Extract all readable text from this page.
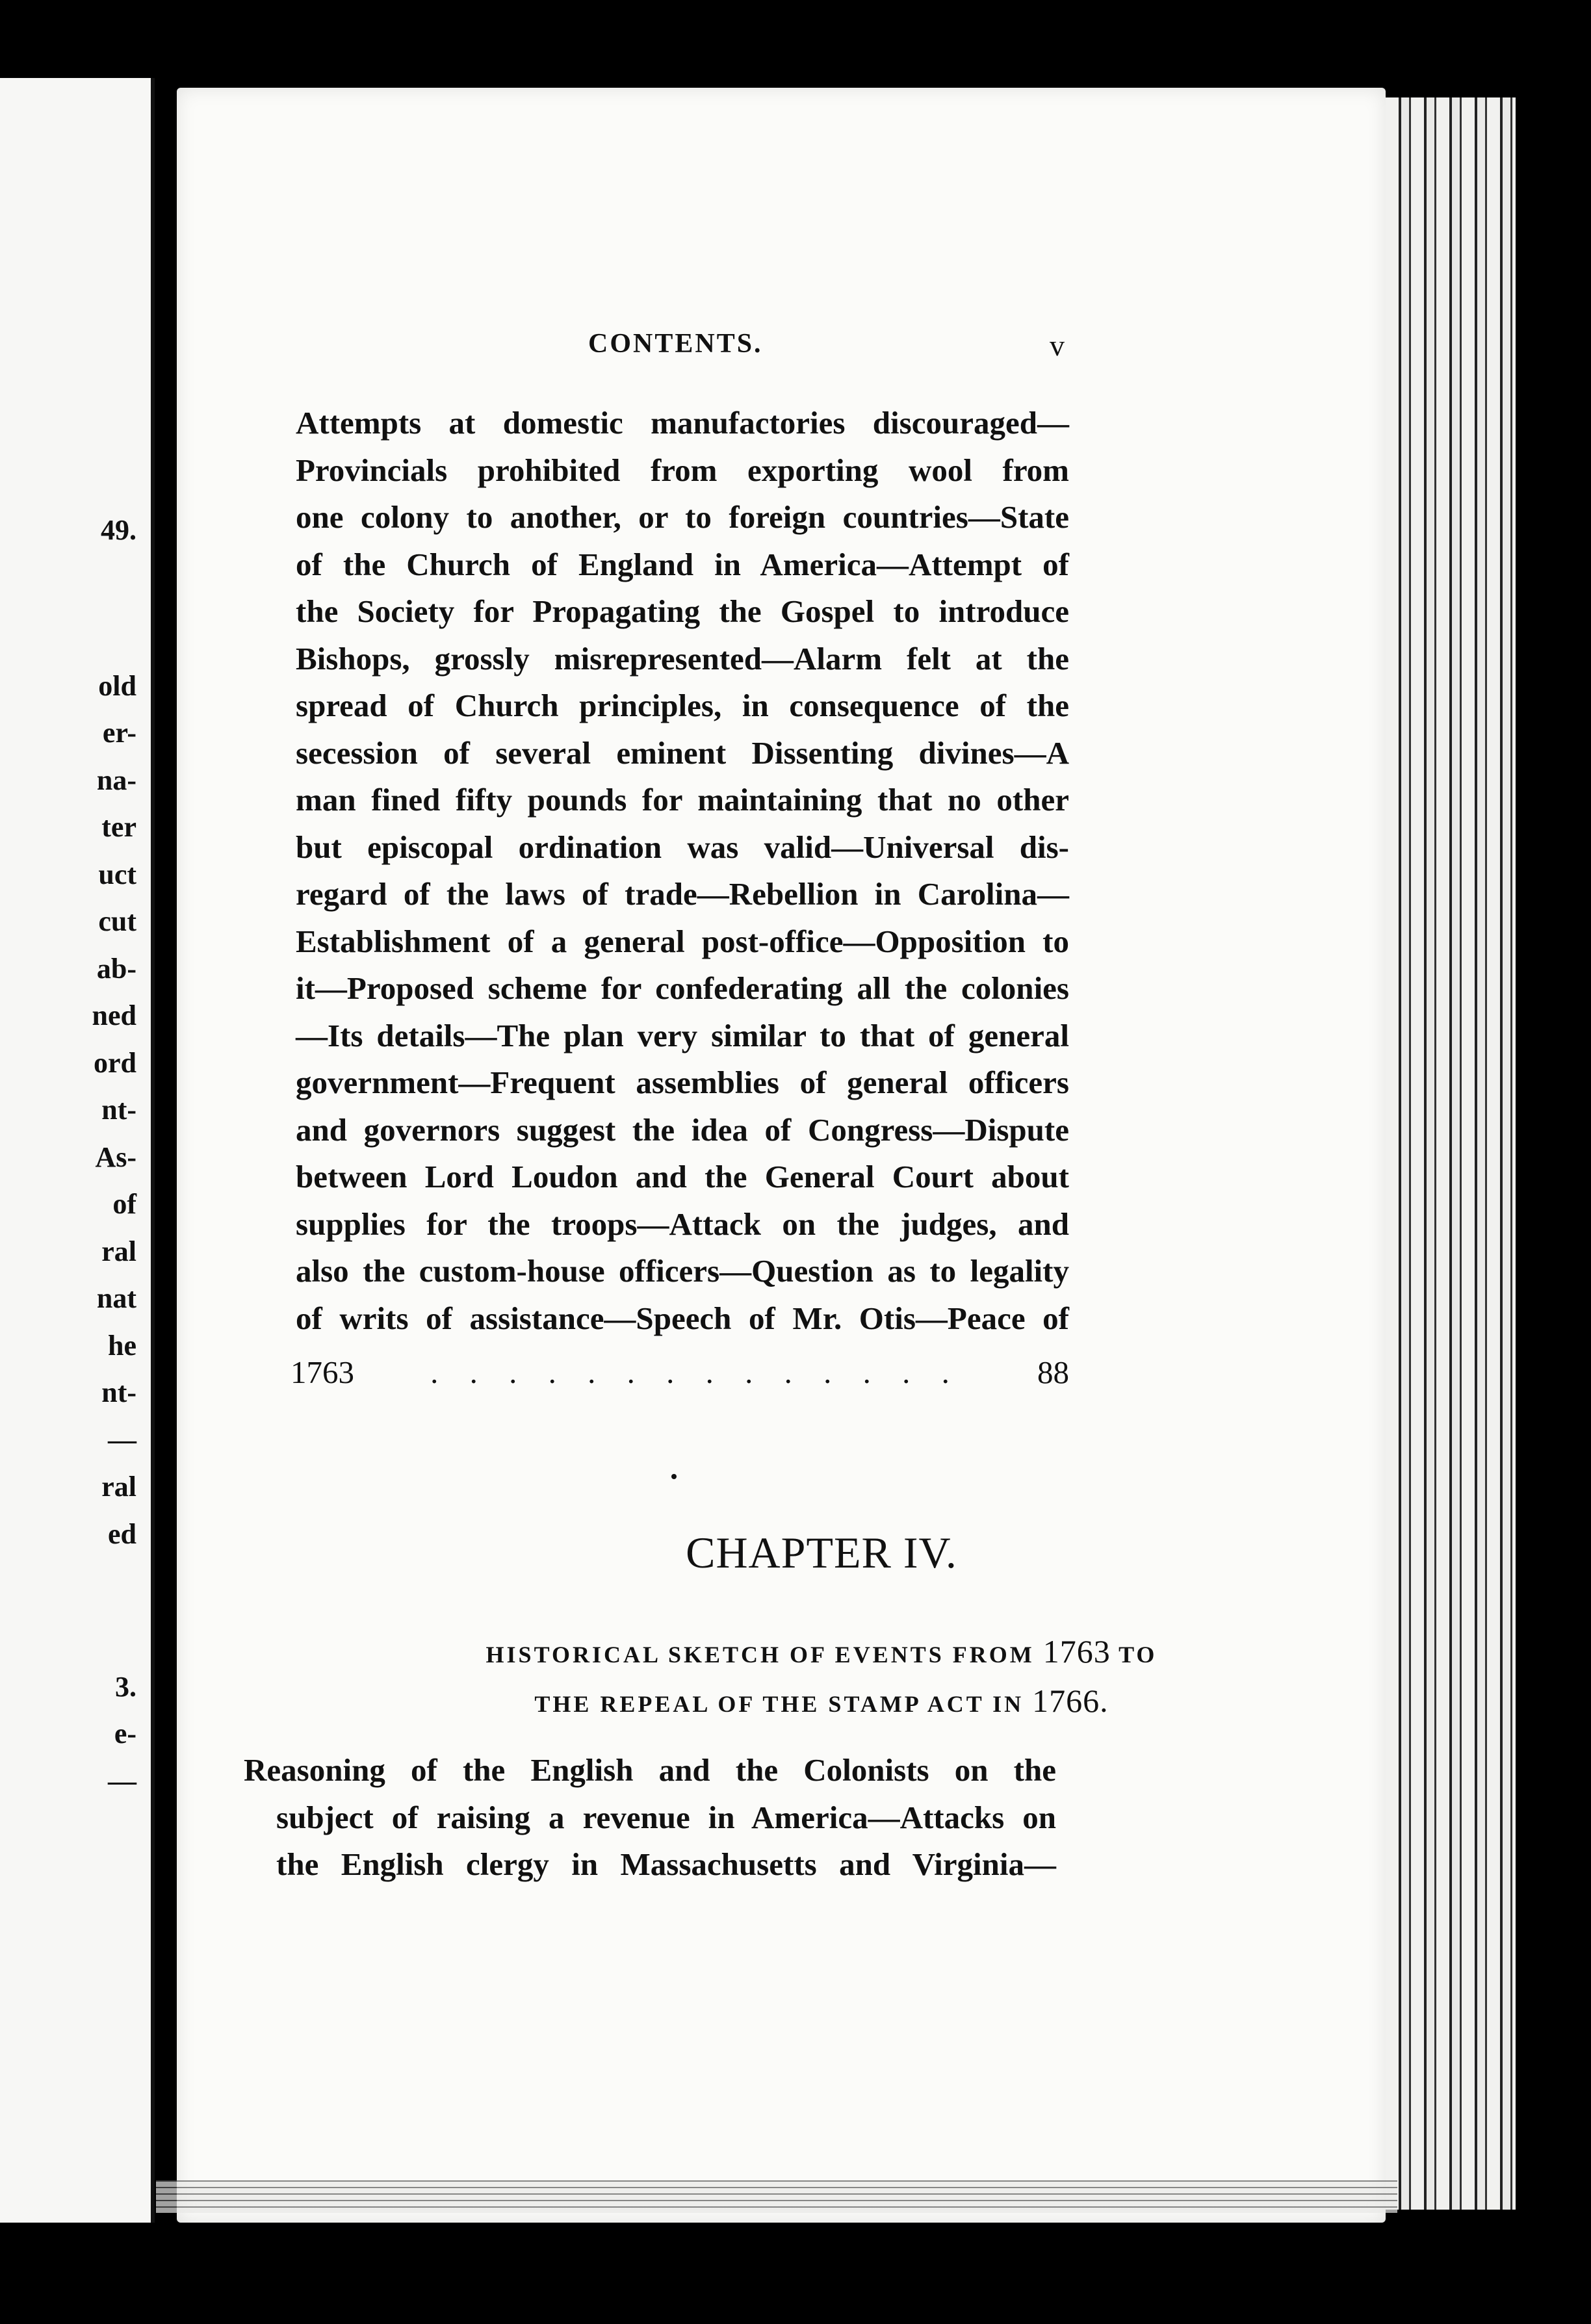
49.
old
er-
na-
ter
uct
cut
ab-
ned
ord
nt-
As-
of
ral
nat
he
nt-
—
ral
ed
3.
e-
—
CONTENTS.	v
Attempts at domestic manufactories discouraged—
Provincials prohibited from exporting wool from
one colony to another, or to foreign countries—State
of the Church of England in America—Attempt of
the Society for Propagating the Gospel to introduce
Bishops, grossly misrepresented—Alarm felt at the
spread of Church principles, in consequence of the
secession of several eminent Dissenting divines—A
man fined fifty pounds for maintaining that no other
but episcopal ordination was valid—Universal dis-
regard of the laws of trade—Rebellion in Carolina—
Establishment of a general post-office—Opposition to
it—Proposed scheme for confederating all the colonies
—Its details—The plan very similar to that of general
government—Frequent assemblies of general officers
and governors suggest the idea of Congress—Dispute
between Lord Loudon and the General Court about
supplies for the troops—Attack on the judges, and
also the custom-house officers—Question as to legality
of writs of assistance—Speech of Mr. Otis—Peace of
1763 . . . . . . . . . . . . . . 88
CHAPTER IV.
HISTORICAL SKETCH OF EVENTS FROM 1763 TO
THE REPEAL OF THE STAMP ACT IN 1766.
Reasoning of the English and the Colonists on the
subject of raising a revenue in America—Attacks on
the English clergy in Massachusetts and Virginia—
